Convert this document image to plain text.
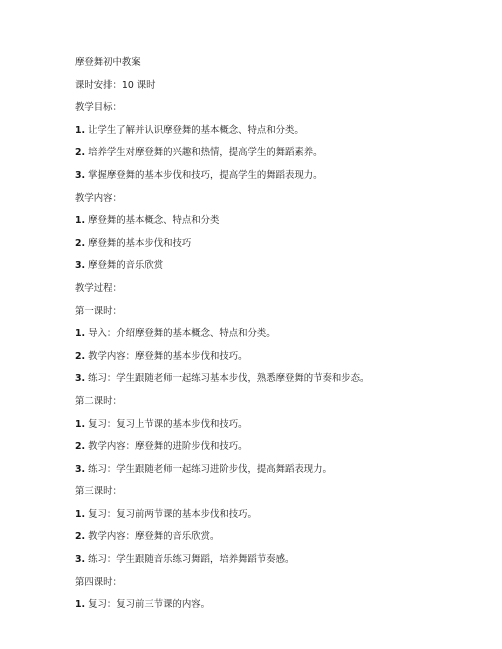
摩登舞初中教案
课时安排：10 课时
教学目标：
1. 让学生了解并认识摩登舞的基本概念、特点和分类。
2. 培养学生对摩登舞的兴趣和热情，提高学生的舞蹈素养。
3. 掌握摩登舞的基本步伐和技巧，提高学生的舞蹈表现力。
教学内容：
1. 摩登舞的基本概念、特点和分类
2. 摩登舞的基本步伐和技巧
3. 摩登舞的音乐欣赏
教学过程：
第一课时：
1. 导入：介绍摩登舞的基本概念、特点和分类。
2. 教学内容：摩登舞的基本步伐和技巧。
3. 练习：学生跟随老师一起练习基本步伐，熟悉摩登舞的节奏和步态。
第二课时：
1. 复习：复习上节课的基本步伐和技巧。
2. 教学内容：摩登舞的进阶步伐和技巧。
3. 练习：学生跟随老师一起练习进阶步伐，提高舞蹈表现力。
第三课时：
1. 复习：复习前两节课的基本步伐和技巧。
2. 教学内容：摩登舞的音乐欣赏。
3. 练习：学生跟随音乐练习舞蹈，培养舞蹈节奏感。
第四课时：
1. 复习：复习前三节课的内容。
